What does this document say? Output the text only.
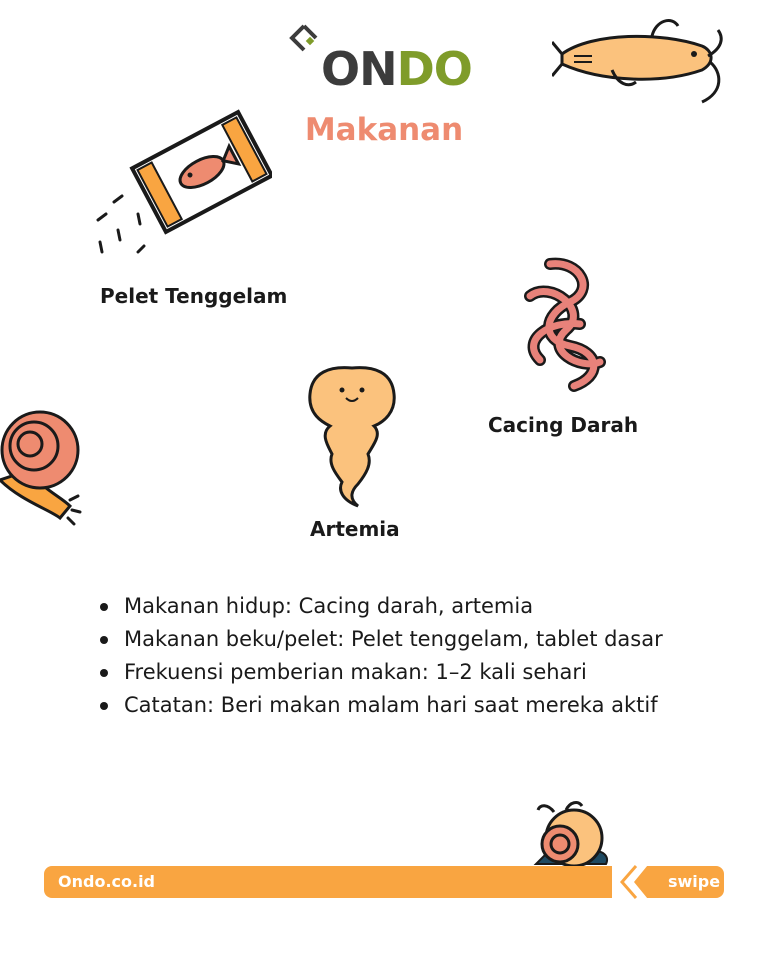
ONDO
Makanan
Pelet Tenggelam
Cacing Darah
Artemia
Makanan hidup: Cacing darah, artemia
Makanan beku/pelet: Pelet tenggelam, tablet dasar
Frekuensi pemberian makan: 1–2 kali sehari
Catatan: Beri makan malam hari saat mereka aktif
Ondo.co.id	swipe
